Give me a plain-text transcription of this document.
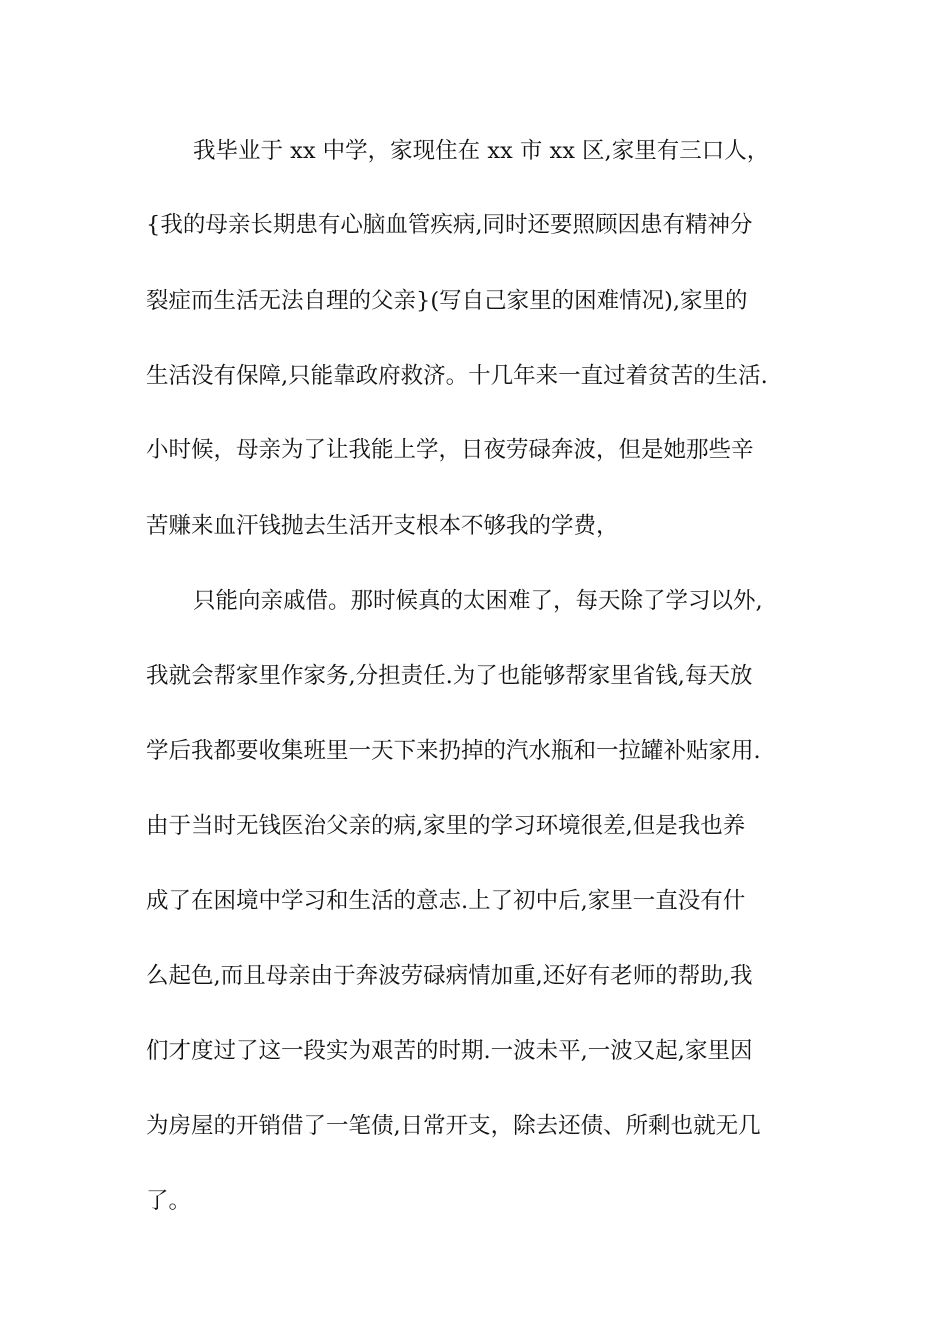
我毕业于 xx 中学，家现住在 xx 市 xx 区,家里有三口人，
{我的母亲长期患有心脑血管疾病,同时还要照顾因患有精神分
裂症而生活无法自理的父亲}(写自己家里的困难情况),家里的
生活没有保障,只能靠政府救济。十几年来一直过着贫苦的生活.
小时候，母亲为了让我能上学，日夜劳碌奔波，但是她那些辛
苦赚来血汗钱抛去生活开支根本不够我的学费，
只能向亲戚借。那时候真的太困难了，每天除了学习以外,
我就会帮家里作家务,分担责任.为了也能够帮家里省钱,每天放
学后我都要收集班里一天下来扔掉的汽水瓶和一拉罐补贴家用.
由于当时无钱医治父亲的病,家里的学习环境很差,但是我也养
成了在困境中学习和生活的意志.上了初中后,家里一直没有什
么起色,而且母亲由于奔波劳碌病情加重,还好有老师的帮助,我
们才度过了这一段实为艰苦的时期.一波未平,一波又起,家里因
为房屋的开销借了一笔债,日常开支，除去还债、所剩也就无几
了。
